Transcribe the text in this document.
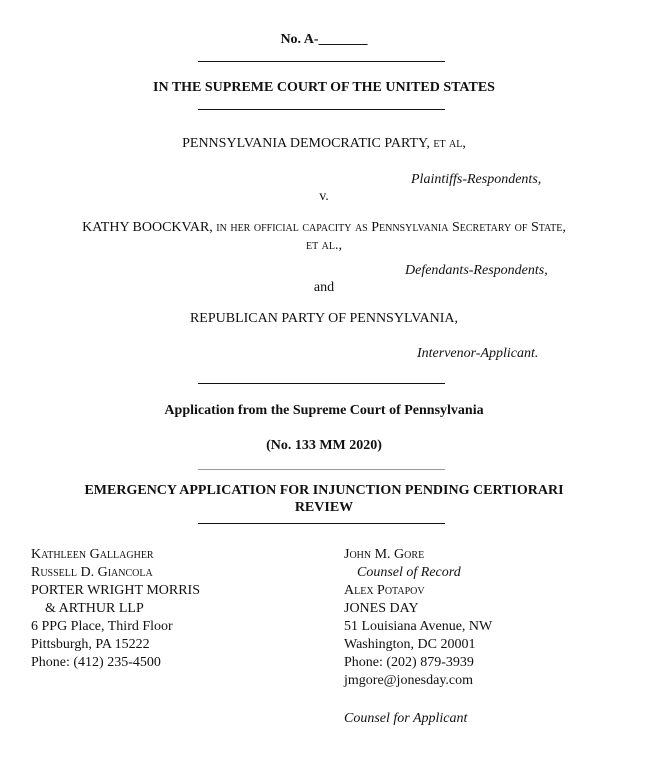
No. A-_______
IN THE SUPREME COURT OF THE UNITED STATES
PENNSYLVANIA DEMOCRATIC PARTY, et al,
Plaintiffs-Respondents,
v.
KATHY BOOCKVAR, in her official capacity as Pennsylvania Secretary of State,
et al.,
Defendants-Respondents,
and
REPUBLICAN PARTY OF PENNSYLVANIA,
Intervenor-Applicant.
Application from the Supreme Court of Pennsylvania
(No. 133 MM 2020)
EMERGENCY APPLICATION FOR INJUNCTION PENDING CERTIORARI
REVIEW
Kathleen Gallagher
Russell D. Giancola
PORTER WRIGHT MORRIS
& ARTHUR LLP
6 PPG Place, Third Floor
Pittsburgh, PA 15222
Phone: (412) 235-4500
John M. Gore
Counsel of Record
Alex Potapov
JONES DAY
51 Louisiana Avenue, NW
Washington, DC 20001
Phone: (202) 879-3939
jmgore@jonesday.com
Counsel for Applicant
